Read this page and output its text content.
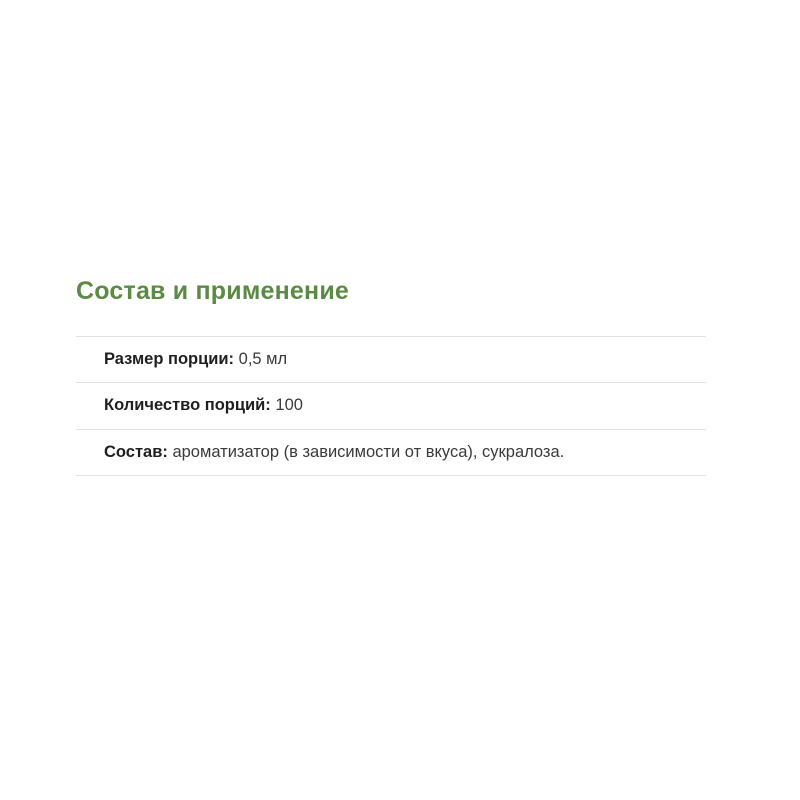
Состав и применение
Размер порции: 0,5 мл
Количество порций: 100
Состав: ароматизатор (в зависимости от вкуса), сукралоза.
